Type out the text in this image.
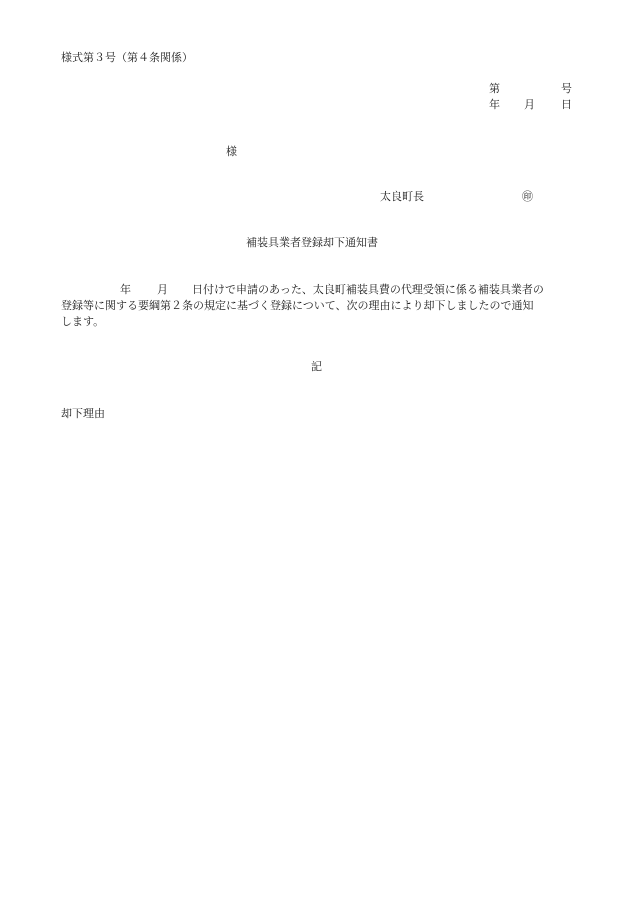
様式第３号（第４条関係）
第	号
年 月 日
様
太良町長	㊞
補装具業者登録却下通知書
年 月 日付けで申請のあった、太良町補装具費の代理受領に係る補装具業者の
登録等に関する要綱第２条の規定に基づく登録について、次の理由により却下しましたので通知
します。
記
却下理由
